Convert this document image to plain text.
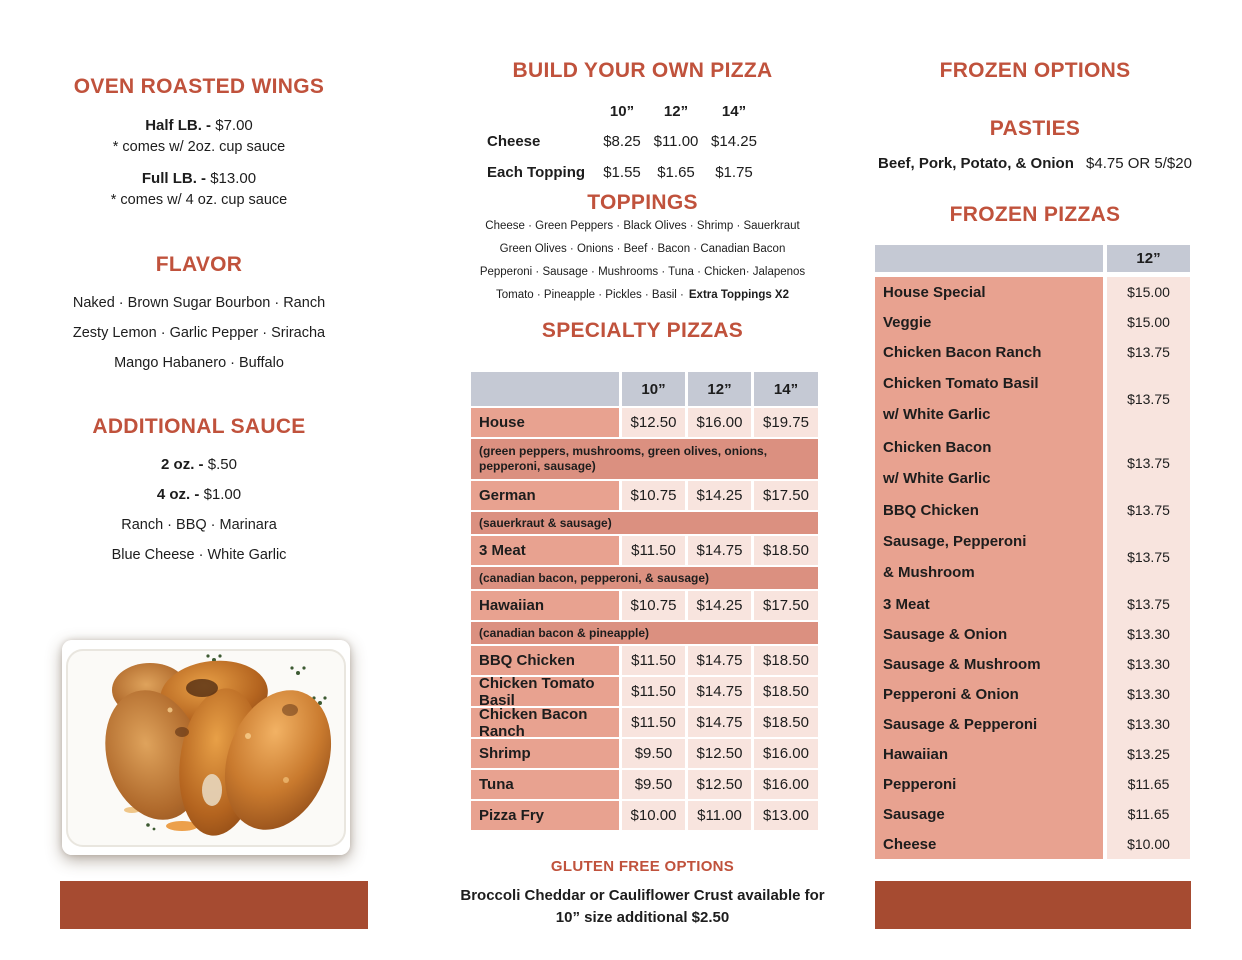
OVEN ROASTED WINGS
Half LB. - $7.00
* comes w/ 2oz. cup sauce
Full LB. - $13.00
* comes w/ 4 oz. cup sauce
FLAVOR
Naked · Brown Sugar Bourbon · Ranch
Zesty Lemon · Garlic Pepper · Sriracha
Mango Habanero · Buffalo
ADDITIONAL SAUCE
2 oz. - $.50
4 oz. - $1.00
Ranch · BBQ · Marinara
Blue Cheese · White Garlic
BUILD YOUR OWN PIZZA
10”	12”	14”
Cheese	$8.25 $11.00 $14.25
Each Topping	$1.55	$1.65	$1.75
TOPPINGS
Cheese · Green Peppers · Black Olives · Shrimp · Sauerkraut
Green Olives · Onions · Beef · Bacon · Canadian Bacon
Pepperoni · Sausage · Mushrooms · Tuna · Chicken· Jalapenos
Tomato · Pineapple · Pickles · Basil · Extra Toppings X2
SPECIALTY PIZZAS
10”	12”	14”
House	$12.50	$16.00	$19.75
(green peppers, mushrooms, green olives, onions, pepperoni, sausage)
German	$10.75	$14.25	$17.50
(sauerkraut & sausage)
3 Meat	$11.50	$14.75	$18.50
(canadian bacon, pepperoni, & sausage)
Hawaiian	$10.75	$14.25	$17.50
(canadian bacon & pineapple)
BBQ Chicken	$11.50	$14.75	$18.50
Chicken Tomato Basil	$11.50	$14.75	$18.50
Chicken Bacon Ranch	$11.50	$14.75	$18.50
Shrimp	$9.50	$12.50	$16.00
Tuna	$9.50	$12.50	$16.00
Pizza Fry	$10.00	$11.00	$13.00
GLUTEN FREE OPTIONS
Broccoli Cheddar or Cauliflower Crust available for
10” size additional $2.50
FROZEN OPTIONS
PASTIES
Beef, Pork, Potato, & Onion $4.75 OR 5/$20
FROZEN PIZZAS
12”
House Special	$15.00
Veggie	$15.00
Chicken Bacon Ranch	$13.75
Chicken Tomato Basil
w/ White Garlic
$13.75
Chicken Bacon
w/ White Garlic
$13.75
BBQ Chicken	$13.75
Sausage, Pepperoni
& Mushroom
$13.75
3 Meat	$13.75
Sausage & Onion	$13.30
Sausage & Mushroom	$13.30
Pepperoni & Onion	$13.30
Sausage & Pepperoni	$13.30
Hawaiian	$13.25
Pepperoni	$11.65
Sausage	$11.65
Cheese	$10.00
